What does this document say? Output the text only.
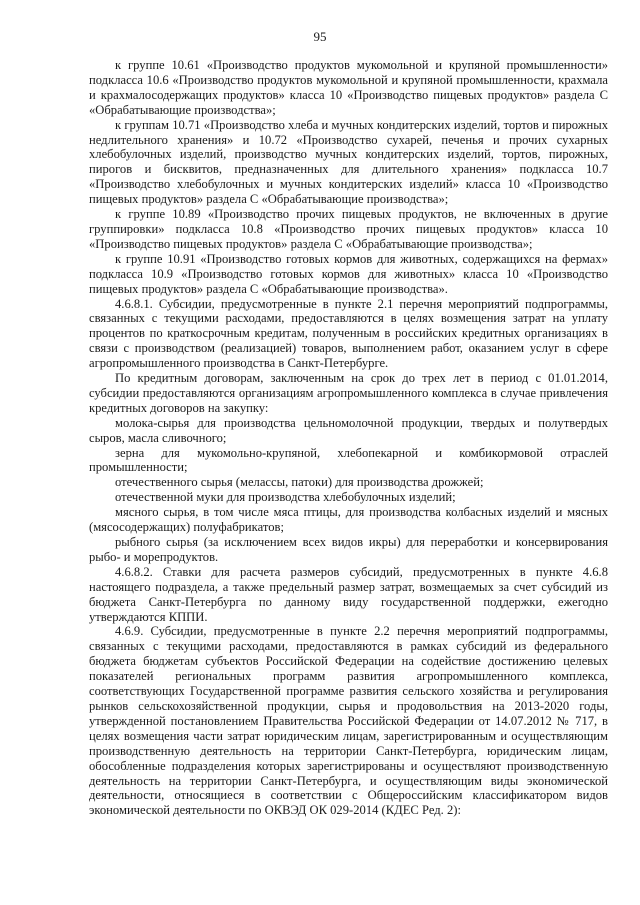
95

к группе 10.61 «Производство продуктов мукомольной и крупяной промышленности» подкласса 10.6 «Производство продуктов мукомольной и крупяной промышленности, крахмала и крахмалосодержащих продуктов» класса 10 «Производство пищевых продуктов» раздела C «Обрабатывающие производства»;

к группам 10.71 «Производство хлеба и мучных кондитерских изделий, тортов и пирожных недлительного хранения» и 10.72 «Производство сухарей, печенья и прочих сухарных хлебобулочных изделий, производство мучных кондитерских изделий, тортов, пирожных, пирогов и бисквитов, предназначенных для длительного хранения» подкласса 10.7 «Производство хлебобулочных и мучных кондитерских изделий» класса 10 «Производство пищевых продуктов» раздела C «Обрабатывающие производства»;

к группе 10.89 «Производство прочих пищевых продуктов, не включенных в другие группировки» подкласса 10.8 «Производство прочих пищевых продуктов» класса 10 «Производство пищевых продуктов» раздела C «Обрабатывающие производства»;

к группе 10.91 «Производство готовых кормов для животных, содержащихся на фермах» подкласса 10.9 «Производство готовых кормов для животных» класса 10 «Производство пищевых продуктов» раздела C «Обрабатывающие производства».

4.6.8.1. Субсидии, предусмотренные в пункте 2.1 перечня мероприятий подпрограммы, связанных с текущими расходами, предоставляются в целях возмещения затрат на уплату процентов по краткосрочным кредитам, полученным в российских кредитных организациях в связи с производством (реализацией) товаров, выполнением работ, оказанием услуг в сфере агропромышленного производства в Санкт-Петербурге.

По кредитным договорам, заключенным на срок до трех лет в период с 01.01.2014, субсидии предоставляются организациям агропромышленного комплекса в случае привлечения кредитных договоров на закупку:

молока-сырья для производства цельномолочной продукции, твердых и полутвердых сыров, масла сливочного;

зерна для мукомольно-крупяной, хлебопекарной и комбикормовой отраслей промышленности;

отечественного сырья (мелассы, патоки) для производства дрожжей;

отечественной муки для производства хлебобулочных изделий;

мясного сырья, в том числе мяса птицы, для производства колбасных изделий и мясных (мясосодержащих) полуфабрикатов;

рыбного сырья (за исключением всех видов икры) для переработки и консервирования рыбо- и морепродуктов.

4.6.8.2. Ставки для расчета размеров субсидий, предусмотренных в пункте 4.6.8 настоящего подраздела, а также предельный размер затрат, возмещаемых за счет субсидий из бюджета Санкт-Петербурга по данному виду государственной поддержки, ежегодно утверждаются КППИ.

4.6.9. Субсидии, предусмотренные в пункте 2.2 перечня мероприятий подпрограммы, связанных с текущими расходами, предоставляются в рамках субсидий из федерального бюджета бюджетам субъектов Российской Федерации на содействие достижению целевых показателей региональных программ развития агропромышленного комплекса, соответствующих Государственной программе развития сельского хозяйства и регулирования рынков сельскохозяйственной продукции, сырья и продовольствия на 2013-2020 годы, утвержденной постановлением Правительства Российской Федерации от 14.07.2012 № 717, в целях возмещения части затрат юридическим лицам, зарегистрированным и осуществляющим производственную деятельность на территории Санкт-Петербурга, юридическим лицам, обособленные подразделения которых зарегистрированы и осуществляют производственную деятельность на территории Санкт-Петербурга, и осуществляющим виды экономической деятельности, относящиеся в соответствии с Общероссийским классификатором видов экономической деятельности по ОКВЭД ОК 029-2014 (КДЕС Ред. 2):
